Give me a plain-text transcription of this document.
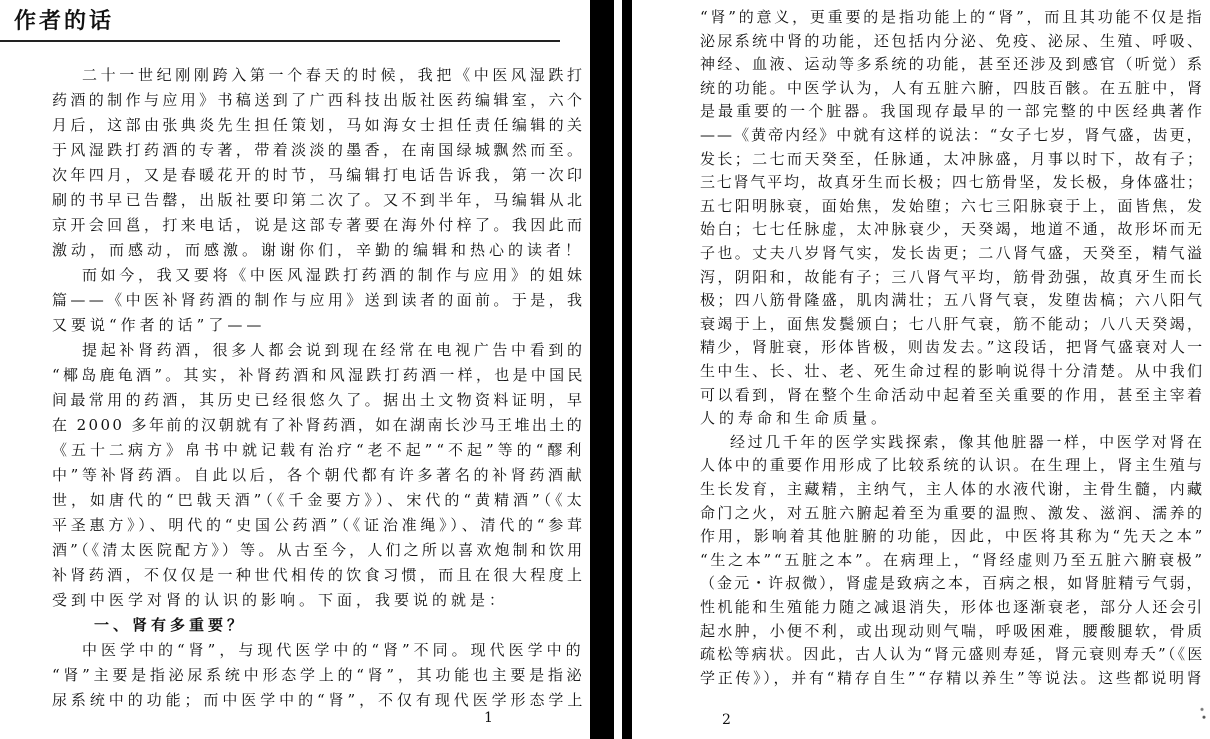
作者的话
二十一世纪刚刚跨入第一个春天的时候，我把《中医风湿跌打
药酒的制作与应用》书稿送到了广西科技出版社医药编辑室，六个
月后，这部由张典炎先生担任策划，马如海女士担任责任编辑的关
于风湿跌打药酒的专著，带着淡淡的墨香，在南国绿城飘然而至。
次年四月，又是春暖花开的时节，马编辑打电话告诉我，第一次印
刷的书早已告罄，出版社要印第二次了。又不到半年，马编辑从北
京开会回邕，打来电话，说是这部专著要在海外付梓了。我因此而
激动，而感动，而感激。谢谢你们，辛勤的编辑和热心的读者！
而如今，我又要将《中医风湿跌打药酒的制作与应用》的姐妹
篇——《中医补肾药酒的制作与应用》送到读者的面前。于是，我
又要说“作者的话”了——
提起补肾药酒，很多人都会说到现在经常在电视广告中看到的
“椰岛鹿龟酒”。其实，补肾药酒和风湿跌打药酒一样，也是中国民
间最常用的药酒，其历史已经很悠久了。据出土文物资料证明，早
在 2000 多年前的汉朝就有了补肾药酒，如在湖南长沙马王堆出土的
《五十二病方》帛书中就记载有治疗“老不起”“不起”等的“醪利
中”等补肾药酒。自此以后，各个朝代都有许多著名的补肾药酒献
世，如唐代的“巴戟天酒”（《千金要方》）、宋代的“黄精酒”（《太
平圣惠方》）、明代的“史国公药酒”（《证治准绳》）、清代的“参茸
酒”（《清太医院配方》）等。从古至今，人们之所以喜欢炮制和饮用
补肾药酒，不仅仅是一种世代相传的饮食习惯，而且在很大程度上
受到中医学对肾的认识的影响。下面，我要说的就是：
一、肾有多重要？
中医学中的“肾”，与现代医学中的“肾”不同。现代医学中的
“肾”主要是指泌尿系统中形态学上的“肾”，其功能也主要是指泌
尿系统中的功能；而中医学中的“肾”，不仅有现代医学形态学上
1
“肾”的意义，更重要的是指功能上的“肾”，而且其功能不仅是指
泌尿系统中肾的功能，还包括内分泌、免疫、泌尿、生殖、呼吸、
神经、血液、运动等多系统的功能，甚至还涉及到感官（听觉）系
统的功能。中医学认为，人有五脏六腑，四肢百骸。在五脏中，肾
是最重要的一个脏器。我国现存最早的一部完整的中医经典著作
——《黄帝内经》中就有这样的说法：“女子七岁，肾气盛，齿更，
发长；二七而天癸至，任脉通，太冲脉盛，月事以时下，故有子；
三七肾气平均，故真牙生而长极；四七筋骨坚，发长极，身体盛壮；
五七阳明脉衰，面始焦，发始堕；六七三阳脉衰于上，面皆焦，发
始白；七七任脉虚，太冲脉衰少，天癸竭，地道不通，故形坏而无
子也。丈夫八岁肾气实，发长齿更；二八肾气盛，天癸至，精气溢
泻，阴阳和，故能有子；三八肾气平均，筋骨劲强，故真牙生而长
极；四八筋骨隆盛，肌肉满壮；五八肾气衰，发堕齿槁；六八阳气
衰竭于上，面焦发鬓颁白；七八肝气衰，筋不能动；八八天癸竭，
精少，肾脏衰，形体皆极，则齿发去。”这段话，把肾气盛衰对人一
生中生、长、壮、老、死生命过程的影响说得十分清楚。从中我们
可以看到，肾在整个生命活动中起着至关重要的作用，甚至主宰着
人的寿命和生命质量。
经过几千年的医学实践探索，像其他脏器一样，中医学对肾在
人体中的重要作用形成了比较系统的认识。在生理上，肾主生殖与
生长发育，主藏精，主纳气，主人体的水液代谢，主骨生髓，内藏
命门之火，对五脏六腑起着至为重要的温煦、激发、滋润、濡养的
作用，影响着其他脏腑的功能，因此，中医将其称为“先天之本”
“生之本”“五脏之本”。在病理上，“肾经虚则乃至五脏六腑衰极”
（金元・许叔微），肾虚是致病之本，百病之根，如肾脏精亏气弱，
性机能和生殖能力随之减退消失，形体也逐渐衰老，部分人还会引
起水肿，小便不利，或出现动则气喘，呼吸困难，腰酸腿软，骨质
疏松等病状。因此，古人认为“肾元盛则寿延，肾元衰则寿夭”（《医
学正传》），并有“精存自生”“存精以养生”等说法。这些都说明肾
2
